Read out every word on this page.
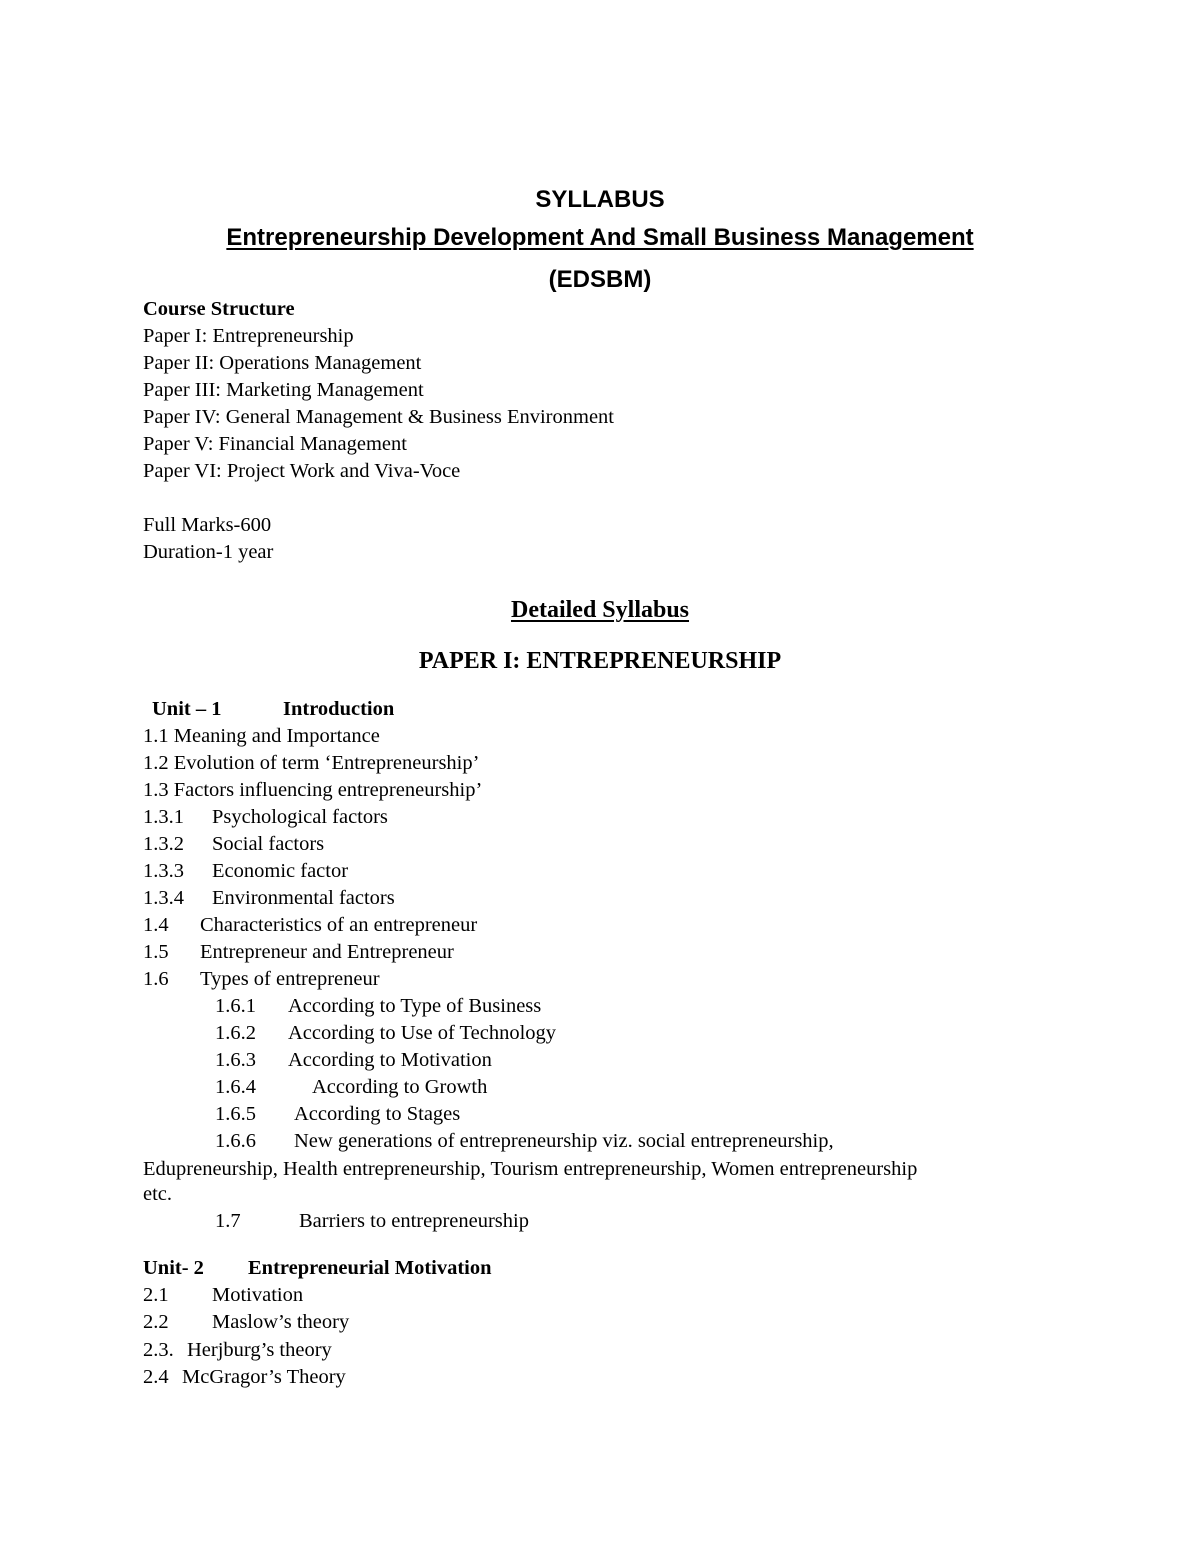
SYLLABUS
Entrepreneurship Development And Small Business Management
(EDSBM)
Course Structure
Paper I: Entrepreneurship
Paper II: Operations Management
Paper III: Marketing Management
Paper IV: General Management & Business Environment
Paper V: Financial Management
Paper VI: Project Work and Viva-Voce
Full Marks-600
Duration-1 year
Detailed Syllabus
PAPER I: ENTREPRENEURSHIP
Unit – 1	Introduction
1.1 Meaning and Importance
1.2 Evolution of term ‘Entrepreneurship’
1.3 Factors influencing entrepreneurship’
1.3.1 Psychological factors
1.3.2 Social factors
1.3.3 Economic factor
1.3.4 Environmental factors
1.4 Characteristics of an entrepreneur
1.5 Entrepreneur and Entrepreneur
1.6 Types of entrepreneur
1.6.1 According to Type of Business
1.6.2 According to Use of Technology
1.6.3 According to Motivation
1.6.4	According to Growth
1.6.5 According to Stages
1.6.6 New generations of entrepreneurship viz. social entrepreneurship,
Edupreneurship, Health entrepreneurship, Tourism entrepreneurship, Women entrepreneurship
etc.
1.7	Barriers to entrepreneurship
Unit- 2 Entrepreneurial Motivation
2.1 Motivation
2.2 Maslow’s theory
2.3. Herjburg’s theory
2.4 McGragor’s Theory
